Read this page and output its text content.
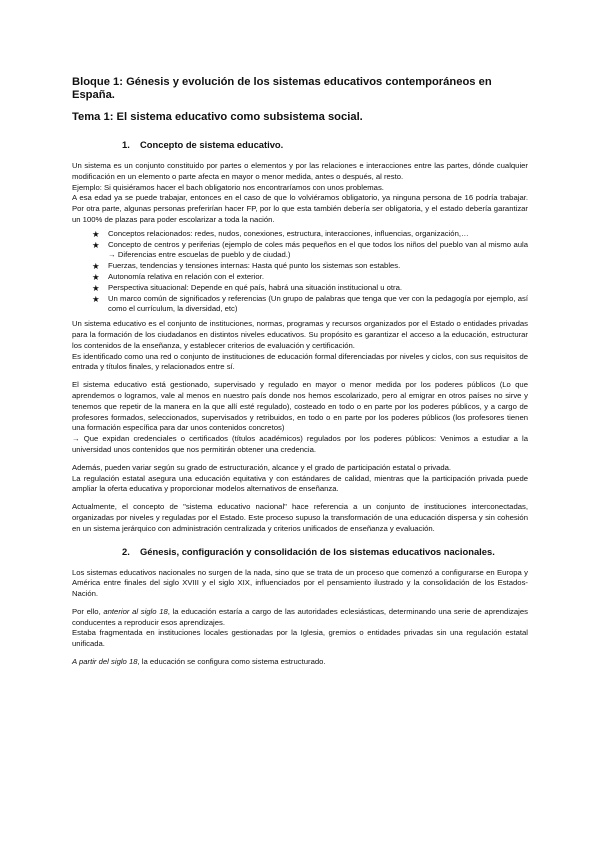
Bloque 1: Génesis y evolución de los sistemas educativos contemporáneos en España.
Tema 1: El sistema educativo como subsistema social.
1. Concepto de sistema educativo.

Un sistema es un conjunto constituido por partes o elementos y por las relaciones e interacciones entre las partes, dónde cualquier modificación en un elemento o parte afecta en mayor o menor medida, antes o después, al resto.

Ejemplo: Si quisiéramos hacer el bach obligatorio nos encontraríamos con unos problemas.

A esa edad ya se puede trabajar, entonces en el caso de que lo volviéramos obligatorio, ya ninguna persona de 16 podría trabajar. Por otra parte, algunas personas preferirían hacer FP, por lo que esta también debería ser obligatoria, y el estado debería garantizar un 100% de plazas para poder escolarizar a toda la nación.

★ Conceptos relacionados: redes, nudos, conexiones, estructura, interacciones, influencias, organización,…
★ Concepto de centros y periferias (ejemplo de coles más pequeños en el que todos los niños del pueblo van al mismo aula → Diferencias entre escuelas de pueblo y de ciudad.)
★ Fuerzas, tendencias y tensiones internas: Hasta qué punto los sistemas son estables.
★ Autonomía relativa en relación con el exterior.
★ Perspectiva situacional: Depende en qué país, habrá una situación institucional u otra.
★ Un marco común de significados y referencias (Un grupo de palabras que tenga que ver con la pedagogía por ejemplo, así como el currículum, la diversidad, etc)

Un sistema educativo es el conjunto de instituciones, normas, programas y recursos organizados por el Estado o entidades privadas para la formación de los ciudadanos en distintos niveles educativos. Su propósito es garantizar el acceso a la educación, estructurar los contenidos de la enseñanza, y establecer criterios de evaluación y certificación.

Es identificado como una red o conjunto de instituciones de educación formal diferenciadas por niveles y ciclos, con sus requisitos de entrada y títulos finales, y relacionados entre sí.

El sistema educativo está gestionado, supervisado y regulado en mayor o menor medida por los poderes públicos (Lo que aprendemos o logramos, vale al menos en nuestro país donde nos hemos escolarizado, pero al emigrar en otros países no sirve y tenemos que repetir de la manera en la que allí esté regulado), costeado en todo o en parte por los poderes públicos, y a cargo de profesores formados, seleccionados, supervisados y retribuidos, en todo o en parte por los poderes públicos (los profesores tienen una formación específica para dar unos contenidos concretos)

→ Que expidan credenciales o certificados (títulos académicos) regulados por los poderes públicos: Venimos a estudiar a la universidad unos contenidos que nos permitirán obtener una credencia.

Además, pueden variar según su grado de estructuración, alcance y el grado de participación estatal o privada.

La regulación estatal asegura una educación equitativa y con estándares de calidad, mientras que la participación privada puede ampliar la oferta educativa y proporcionar modelos alternativos de enseñanza.

Actualmente, el concepto de "sistema educativo nacional" hace referencia a un conjunto de instituciones interconectadas, organizadas por niveles y reguladas por el Estado. Este proceso supuso la transformación de una educación dispersa y sin cohesión en un sistema jerárquico con administración centralizada y criterios unificados de enseñanza y evaluación.

2. Génesis, configuración y consolidación de los sistemas educativos nacionales.

Los sistemas educativos nacionales no surgen de la nada, sino que se trata de un proceso que comenzó a configurarse en Europa y América entre finales del siglo XVIII y el siglo XIX, influenciados por el pensamiento ilustrado y la consolidación de los Estados-Nación.

Por ello, anterior al siglo 18, la educación estaría a cargo de las autoridades eclesiásticas, determinando una serie de aprendizajes conducentes a reproducir esos aprendizajes.

Estaba fragmentada en instituciones locales gestionadas por la Iglesia, gremios o entidades privadas sin una regulación estatal unificada.

A partir del siglo 18, la educación se configura como sistema estructurado.
